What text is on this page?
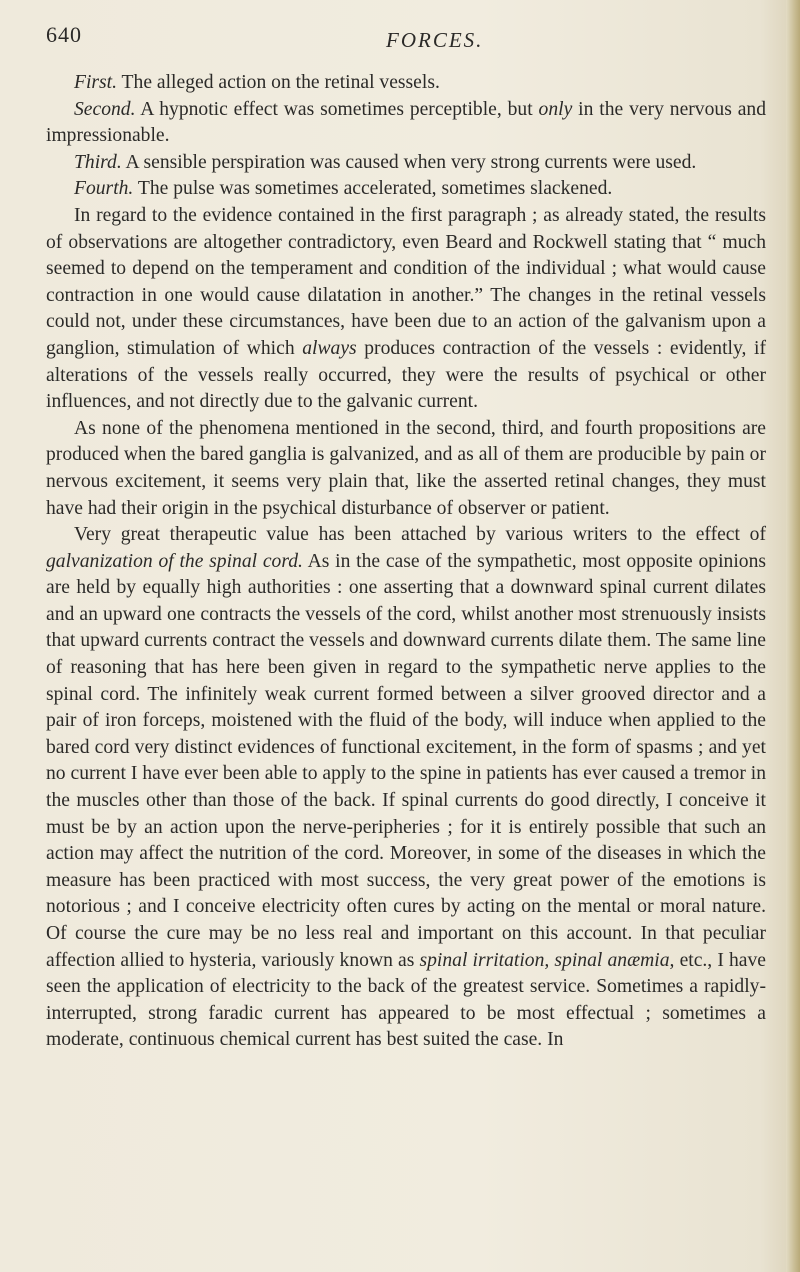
640	FORCES.

First. The alleged action on the retinal vessels.

Second. A hypnotic effect was sometimes perceptible, but only in the very nervous and impressionable.

Third. A sensible perspiration was caused when very strong currents were used.

Fourth. The pulse was sometimes accelerated, sometimes slackened.

In regard to the evidence contained in the first paragraph ; as already stated, the results of observations are altogether contradictory, even Beard and Rockwell stating that “ much seemed to depend on the temperament and condition of the individual ; what would cause contraction in one would cause dilatation in another.” The changes in the retinal vessels could not, under these circumstances, have been due to an action of the galvanism upon a ganglion, stimulation of which always produces contraction of the vessels : evidently, if alterations of the vessels really occurred, they were the results of psychical or other influences, and not directly due to the galvanic current.

As none of the phenomena mentioned in the second, third, and fourth propositions are produced when the bared ganglia is galvanized, and as all of them are producible by pain or nervous excitement, it seems very plain that, like the asserted retinal changes, they must have had their origin in the psychical disturbance of observer or patient.

Very great therapeutic value has been attached by various writers to the effect of galvanization of the spinal cord. As in the case of the sympathetic, most opposite opinions are held by equally high authorities : one asserting that a downward spinal current dilates and an upward one contracts the vessels of the cord, whilst another most strenuously insists that upward currents contract the vessels and downward currents dilate them. The same line of reasoning that has here been given in regard to the sympathetic nerve applies to the spinal cord. The infinitely weak current formed between a silver grooved director and a pair of iron forceps, moistened with the fluid of the body, will induce when applied to the bared cord very distinct evidences of functional excitement, in the form of spasms ; and yet no current I have ever been able to apply to the spine in patients has ever caused a tremor in the muscles other than those of the back. If spinal currents do good directly, I conceive it must be by an action upon the nerve-peripheries ; for it is entirely possible that such an action may affect the nutrition of the cord. Moreover, in some of the diseases in which the measure has been practiced with most success, the very great power of the emotions is notorious ; and I conceive electricity often cures by acting on the mental or moral nature. Of course the cure may be no less real and important on this account. In that peculiar affection allied to hysteria, variously known as spinal irritation, spinal anæmia, etc., I have seen the application of electricity to the back of the greatest service. Sometimes a rapidly-interrupted, strong faradic current has appeared to be most effectual ; sometimes a moderate, continuous chemical current has best suited the case. In
